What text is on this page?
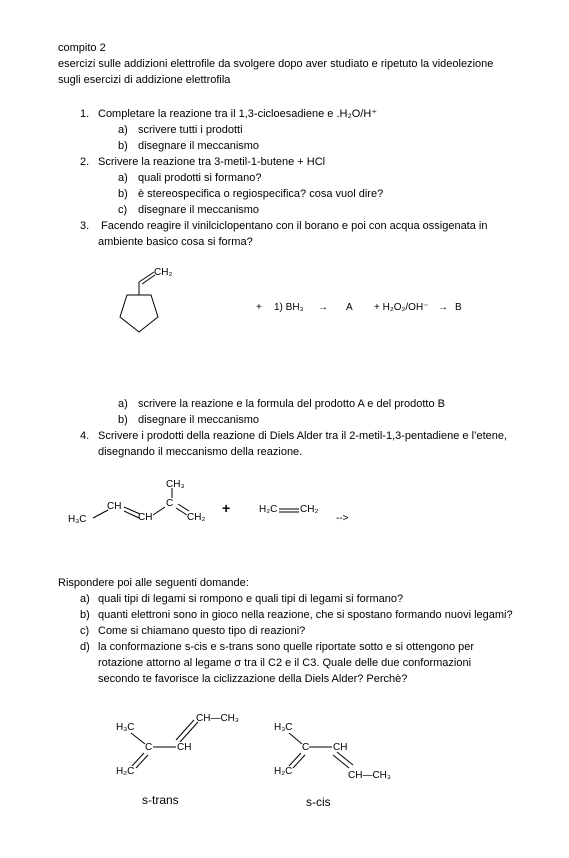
compito 2
esercizi sulle addizioni elettrofile da svolgere dopo aver studiato e ripetuto la videolezione
sugli esercizi di addizione elettrofila
1. Completare la reazione tra il 1,3-cicloesadiene e .H₂O/H⁺
a) scrivere tutti i prodotti
b) disegnare il meccanismo
2. Scrivere la reazione tra 3-metil-1-butene + HCl
a) quali prodotti si formano?
b) è stereospecifica o regiospecifica? cosa vuol dire?
c) disegnare il meccanismo
3. Facendo reagire il vinilciclopentano con il borano e poi con acqua ossigenata in
ambiente basico cosa si forma?
CH₂
+ 1) BH₃ → A + H₂O₂/OH⁻ → B
a) scrivere la reazione e la formula del prodotto A e del prodotto B
b) disegnare il meccanismo
4. Scrivere i prodotti della reazione di Diels Alder tra il 2-metil-1,3-pentadiene e l’etene,
disegnando il meccanismo della reazione.
CH₃
H₃C
CH
CH
C
CH₂
+	H₂C CH₂
-->
Rispondere poi alle seguenti domande:
a) quali tipi di legami si rompono e quali tipi di legami si formano?
b) quanti elettroni sono in gioco nella reazione, che si spostano formando nuovi legami?
c) Come si chiamano questo tipo di reazioni?
d) la conformazione s-cis e s-trans sono quelle riportate sotto e si ottengono per
rotazione attorno al legame σ tra il C2 e il C3. Quale delle due conformazioni
secondo te favorisce la ciclizzazione della Diels Alder? Perchè?
H₃C
CH—CH₃
C CH
H₂C
s-trans
H₃C
C CH
H₂C	CH—CH₃
s-cis
